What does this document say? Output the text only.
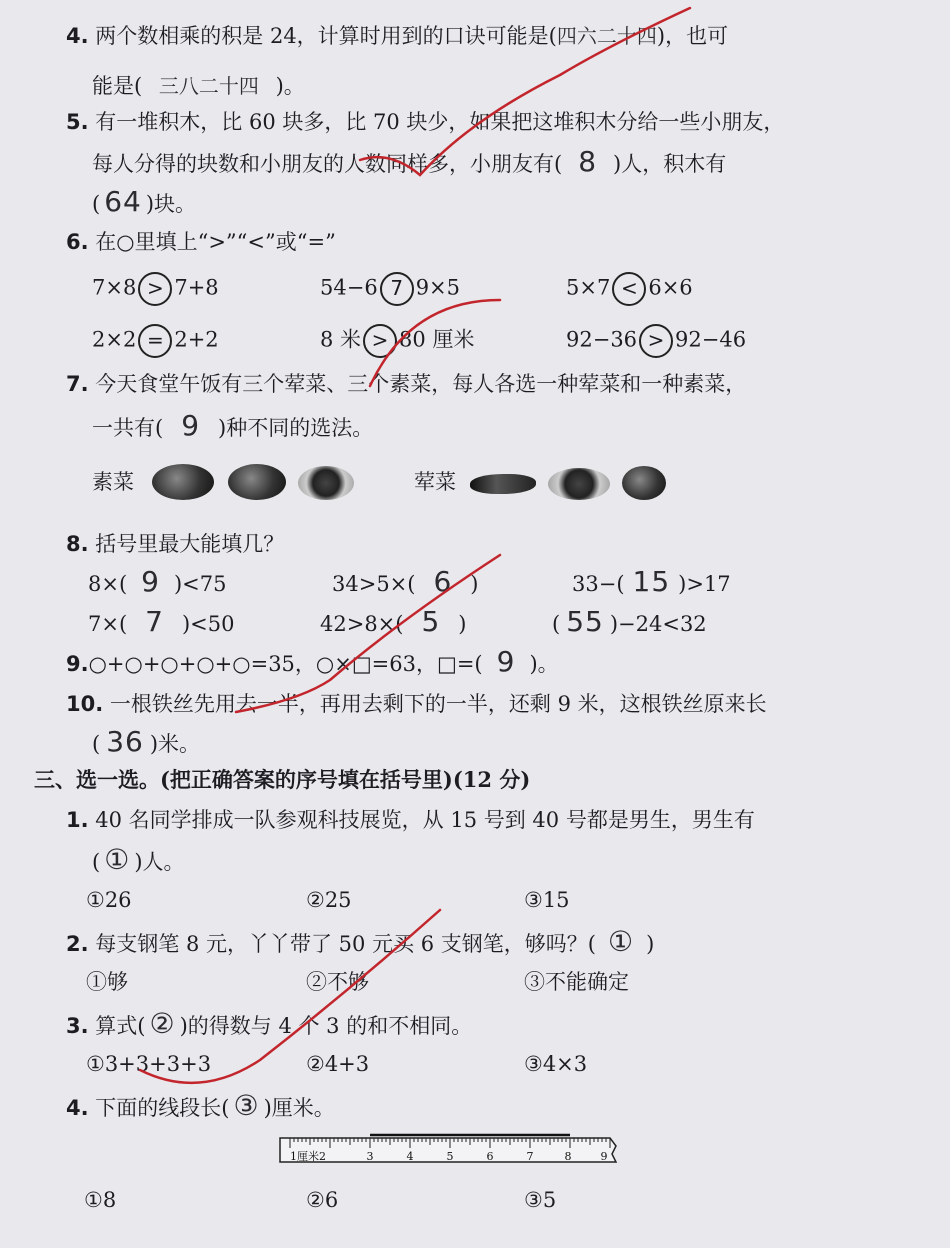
4. 两个数相乘的积是 24，计算时用到的口诀可能是(四六二十四)，也可
能是( 三八二十四 )。
5. 有一堆积木，比 60 块多，比 70 块少，如果把这堆积木分给一些小朋友，
每人分得的块数和小朋友的人数同样多，小朋友有( 8 )人，积木有
( 64 )块。
6. 在○里填上“>”“<”或“=”
7×8 > 7+8	54−6 7 9×5	5×7 < 6×6
2×2 = 2+2	8 米 > 80 厘米	92−36 > 92−46
7. 今天食堂午饭有三个荤菜、三个素菜，每人各选一种荤菜和一种素菜，
一共有( 9 )种不同的选法。
素菜	荤菜
8. 括号里最大能填几？
8×( 9 )<75	34>5×( 6 )	33−( 15 )>17
7×( 7 )<50	42>8×( 5 )	( 55 )−24<32
9.○+○+○+○+○=35，○×□=63，□=( 9 )。
10. 一根铁丝先用去一半，再用去剩下的一半，还剩 9 米，这根铁丝原来长
( 36 )米。
三、选一选。(把正确答案的序号填在括号里)(12 分)
1. 40 名同学排成一队参观科技展览，从 15 号到 40 号都是男生，男生有
( ① )人。
①26	②25	③15
2. 每支钢笔 8 元，丫丫带了 50 元买 6 支钢笔，够吗？( ① )
①够	②不够	③不能确定
3. 算式( ② )的得数与 4 个 3 的和不相同。
①3+3+3+3	②4+3	③4×3
4. 下面的线段长( ③ )厘米。
1厘米2	3	4	5	6	7	8	9
①8	②6	③5
